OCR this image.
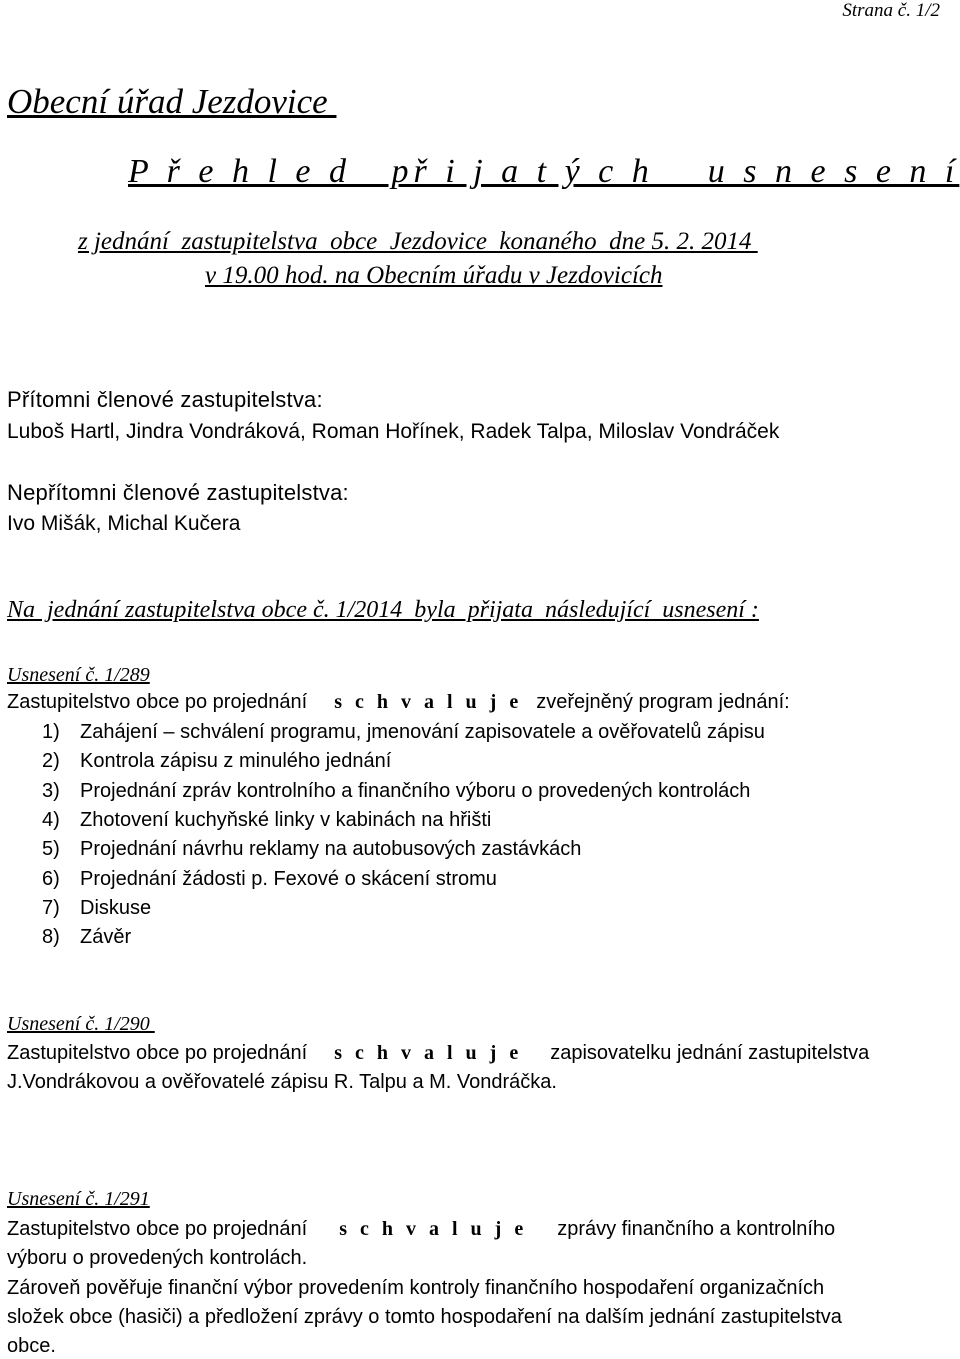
Strana č. 1/2
Obecní úřad Jezdovice
P ř e h l e d   př i j a t ý c h    u s n e s e n í
z jednání  zastupitelstva  obce  Jezdovice  konaného  dne 5. 2. 2014
v 19.00 hod. na Obecním úřadu v Jezdovicích
Přítomni členové zastupitelstva:
Luboš Hartl, Jindra Vondráková, Roman Hořínek, Radek Talpa, Miloslav Vondráček
Nepřítomni členové zastupitelstva:
Ivo Mišák, Michal Kučera
Na  jednání zastupitelstva obce č. 1/2014  byla  přijata  následující  usnesení :
Usnesení č. 1/289
Zastupitelstvo obce po projednání s c h v a l u j e zveřejněný program jednání:
1) Zahájení – schválení programu, jmenování zapisovatele a ověřovatelů zápisu
2) Kontrola zápisu z minulého jednání
3) Projednání zpráv kontrolního a finančního výboru o provedených kontrolách
4) Zhotovení kuchyňské linky v kabinách na hřišti
5) Projednání návrhu reklamy na autobusových zastávkách
6) Projednání žádosti p. Fexové o skácení stromu
7) Diskuse
8) Závěr
Usnesení č. 1/290
Zastupitelstvo obce po projednání s c h v a l u j e zapisovatelku jednání zastupitelstva
J.Vondrákovou a ověřovatelé zápisu R. Talpu a M. Vondráčka.
Usnesení č. 1/291
Zastupitelstvo obce po projednání s c h v a l u j e zprávy finančního a kontrolního
výboru o provedených kontrolách.
Zároveň pověřuje finanční výbor provedením kontroly finančního hospodaření organizačních
složek obce (hasiči) a předložení zprávy o tomto hospodaření na dalším jednání zastupitelstva
obce.
